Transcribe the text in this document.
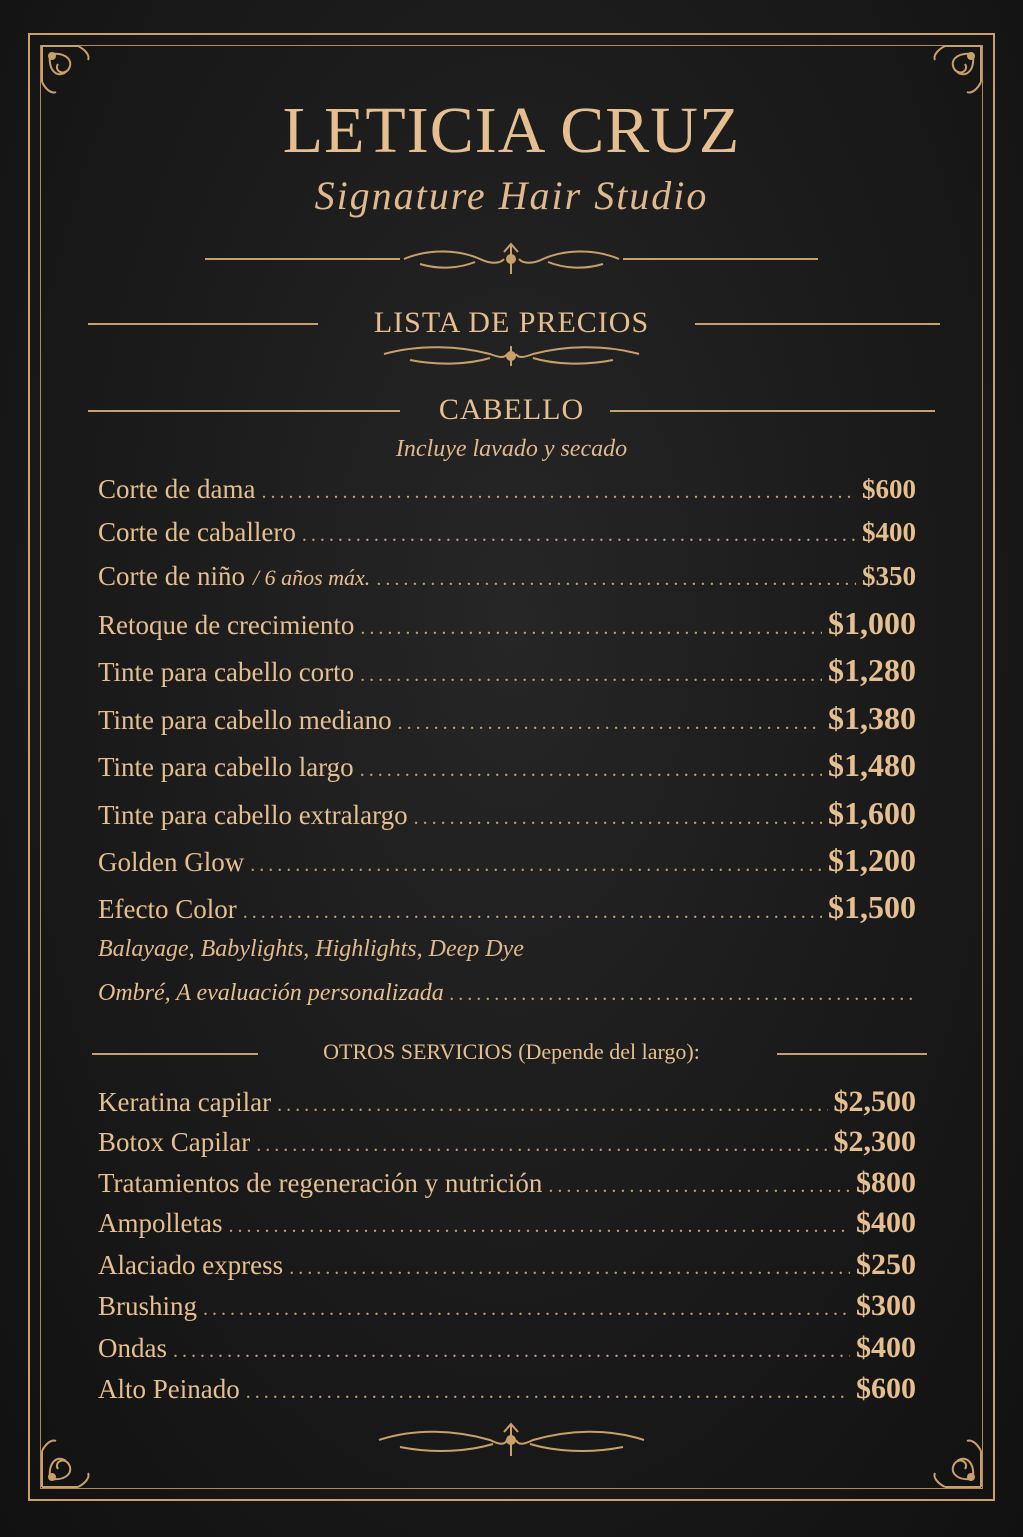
LETICIA CRUZ
Signature Hair Studio
LISTA DE PRECIOS
CABELLO
Incluye lavado y secado
Corte de dama .....	$600
Corte de caballero .....	$400
Corte de niño / 6 años máx. .....	$350
Retoque de crecimiento .....	$1,000
Tinte para cabello corto .....	$1,280
Tinte para cabello mediano .....	$1,380
Tinte para cabello largo .....	$1,480
Tinte para cabello extralargo .....	$1,600
Golden Glow .....	$1,200
Efecto Color .....	$1,500
Balayage, Babylights, Highlights, Deep Dye
Ombré, A evaluación personalizada
.....
OTROS SERVICIOS (Depende del largo):
Keratina capilar .....	$2,500
Botox Capilar .....	$2,300
Tratamientos de regeneración y nutrición .....	$800
Ampolletas .....	$400
Alaciado express .....	$250
Brushing .....	$300
Ondas .....	$400
Alto Peinado .....	$600
